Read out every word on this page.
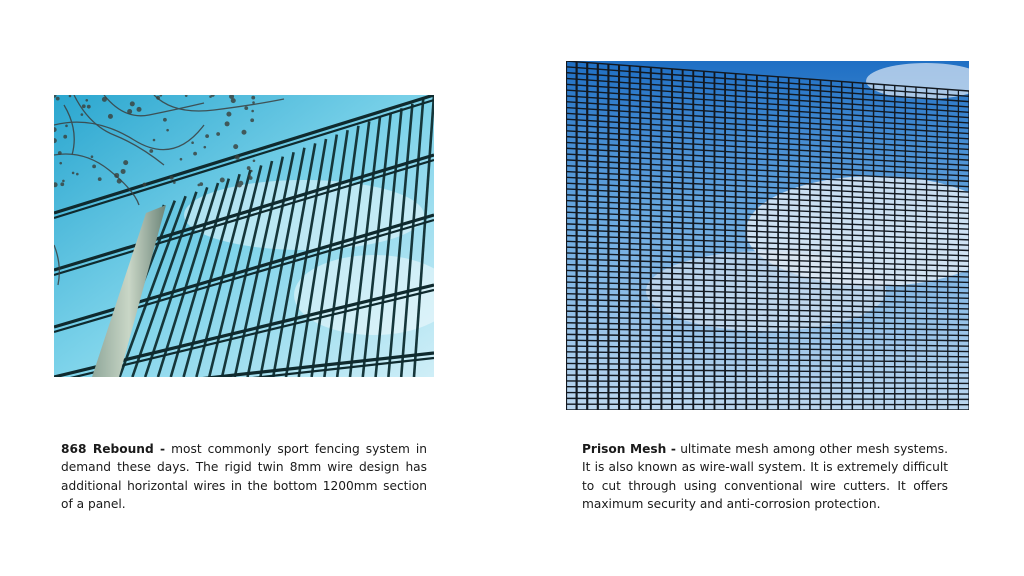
868 Rebound - most commonly sport fencing system in demand these days. The rigid twin 8mm wire design has additional horizontal wires in the bottom 1200mm section of a panel.

Prison Mesh - ultimate mesh among other mesh systems. It is also known as wire-wall system. It is extremely difficult to cut through using conventional wire cutters. It offers maximum security and anti-corrosion protection.
